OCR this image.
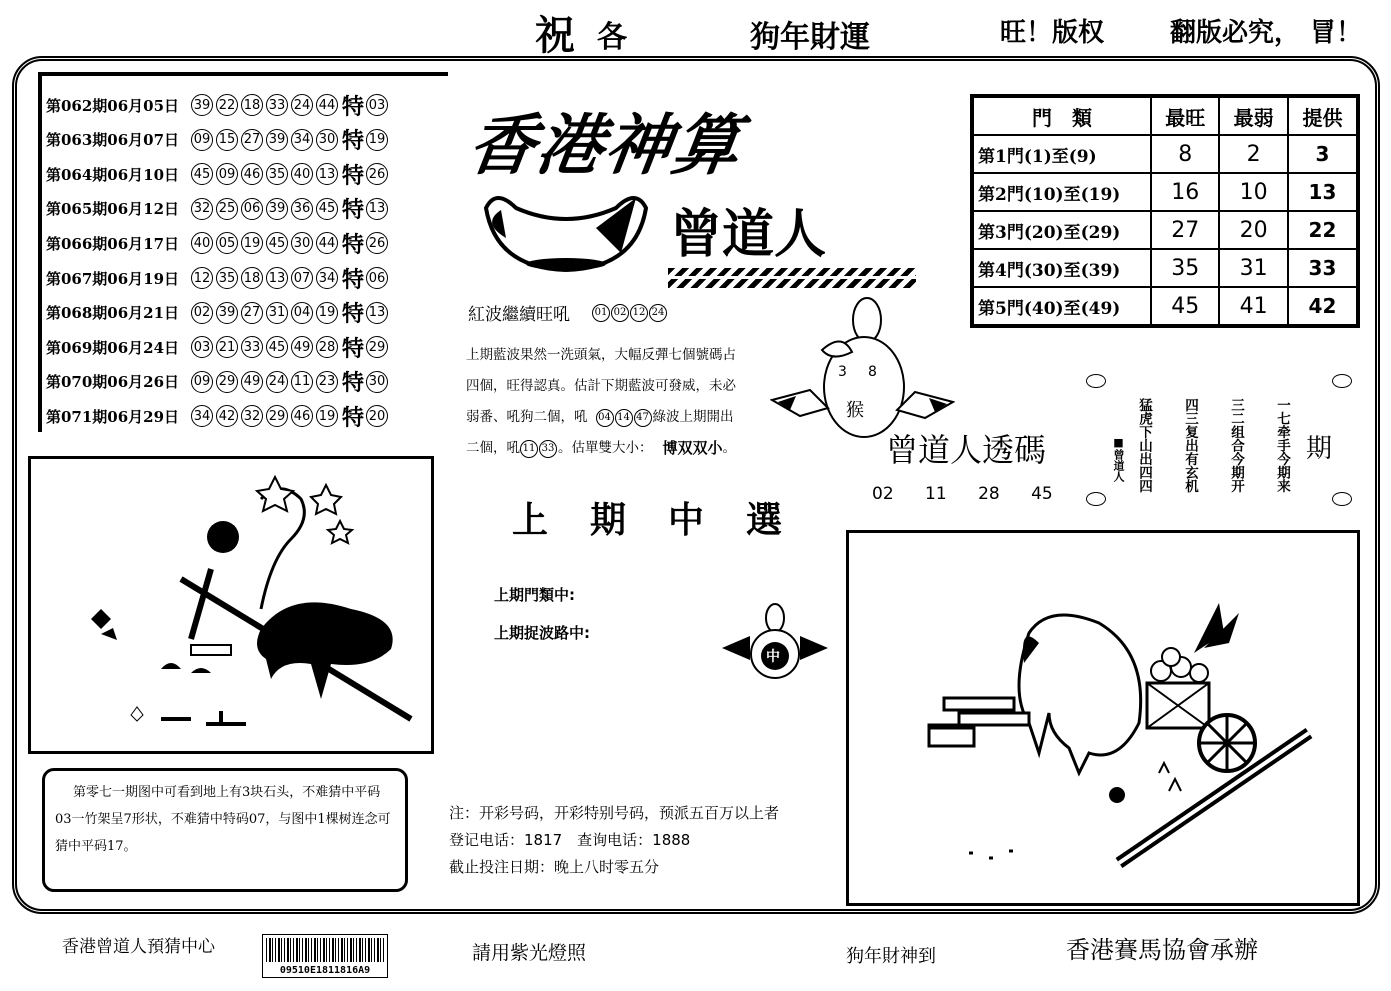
祝 各	狗年財運	旺！版权	翻版必究， 冒！
第062期06月05日	39 22 18 33 24 44 特 03
第063期06月07日	09 15 27 39 34 30 特 19
第064期06月10日	45 09 46 35 40 13 特 26
第065期06月12日	32 25 06 39 36 45 特 13
第066期06月17日	40 05 19 45 30 44 特 26
第067期06月19日	12 35 18 13 07 34 特 06
第068期06月21日	02 39 27 31 04 19 特 13
第069期06月24日	03 21 33 45 49 28 特 29
第070期06月26日	09 29 49 24 11 23 特 30
第071期06月29日	34 42 32 29 46 19 特 20
香港神算
曾道人
門　類	最旺	最弱	提供
第1門(1)至(9)	8	2	3
第2門(10)至(19)	16	10	13
第3門(20)至(29)	27	20	22
第4門(30)至(39)	35	31	33
第5門(40)至(49)	45	41	42
紅波繼續旺吼 01 02 12 24
上期藍波果然一洗頭氣，大幅反彈七個號碼占
四個，旺得認真。估計下期藍波可發威，未必
弱番、吼狗二個，吼 04 14 47 綠波上期開出
二個，吼 11 33 。估單雙大小： 博双双小 。
3 8
猴
曾道人透碼
02 11 28 45
期
一七牵手今期来
三二组合今期开
四三复出有玄机
猛虎下山出四四
■曾道人
上期中選
上期門類中:
上期捉波路中:
中
第零七一期图中可看到地上有3块石头，不难猜中平码03一竹架呈7形状，不难猜中特码07，与图中1棵树连念可猜中平码17。
注：开彩号码，开彩特别号码，预派五百万以上者
登记电话：1817　查询电话：1888
截止投注日期：晚上八时零五分
香港曾道人預猜中心
09510E1811816A9
請用紫光燈照	狗年財神到	香港賽馬協會承辦
